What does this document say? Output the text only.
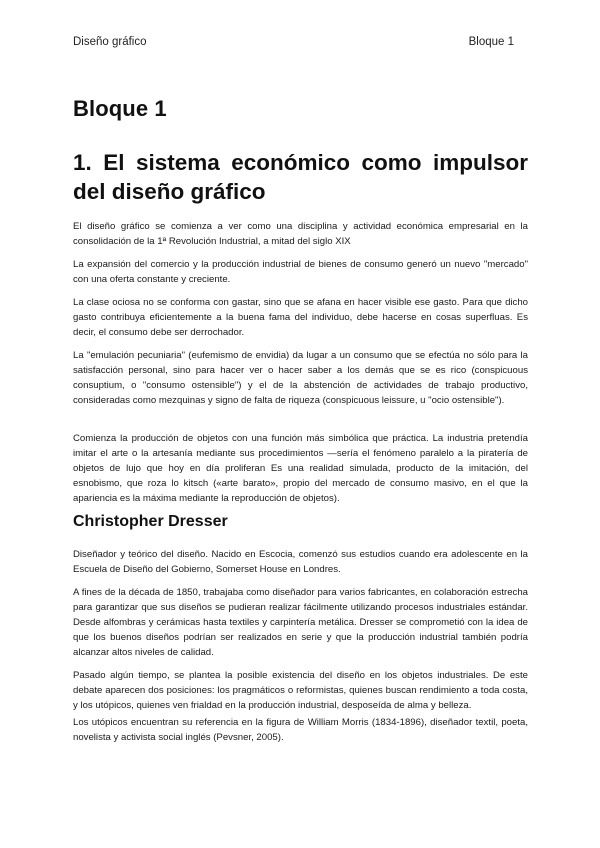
Diseño gráfico	Bloque 1
Bloque 1
1. El sistema económico como impulsor del diseño gráfico

El diseño gráfico se comienza a ver como una disciplina y actividad económica empresarial en la consolidación de la 1ª Revolución Industrial, a mitad del siglo XIX

La expansión del comercio y la producción industrial de bienes de consumo generó un nuevo "mercado" con una oferta constante y creciente.

La clase ociosa no se conforma con gastar, sino que se afana en hacer visible ese gasto. Para que dicho gasto contribuya eficientemente a la buena fama del individuo, debe hacerse en cosas superfluas. Es decir, el consumo debe ser derrochador.

La "emulación pecuniaria" (eufemismo de envidia) da lugar a un consumo que se efectúa no sólo para la satisfacción personal, sino para hacer ver o hacer saber a los demás que se es rico (conspicuous consuptium, o "consumo ostensible") y el de la abstención de actividades de trabajo productivo, consideradas como mezquinas y signo de falta de riqueza (conspicuous leissure, u "ocio ostensible").

Comienza la producción de objetos con una función más simbólica que práctica. La industria pretendía imitar el arte o la artesanía mediante sus procedimientos —sería el fenómeno paralelo a la piratería de objetos de lujo que hoy en día proliferan Es una realidad simulada, producto de la imitación, del esnobismo, que roza lo kitsch («arte barato», propio del mercado de consumo masivo, en el que la apariencia es la máxima mediante la reproducción de objetos).

Christopher Dresser

Diseñador y teórico del diseño. Nacido en Escocia, comenzó sus estudios cuando era adolescente en la Escuela de Diseño del Gobierno, Somerset House en Londres.

A fines de la década de 1850, trabajaba como diseñador para varios fabricantes, en colaboración estrecha para garantizar que sus diseños se pudieran realizar fácilmente utilizando procesos industriales estándar. Desde alfombras y cerámicas hasta textiles y carpintería metálica. Dresser se comprometió con la idea de que los buenos diseños podrían ser realizados en serie y que la producción industrial también podría alcanzar altos niveles de calidad.

Pasado algún tiempo, se plantea la posible existencia del diseño en los objetos industriales. De este debate aparecen dos posiciones: los pragmáticos o reformistas, quienes buscan rendimiento a toda costa, y los utópicos, quienes ven frialdad en la producción industrial, desposeída de alma y belleza.

Los utópicos encuentran su referencia en la figura de William Morris (1834-1896), diseñador textil, poeta, novelista y activista social inglés (Pevsner, 2005).
